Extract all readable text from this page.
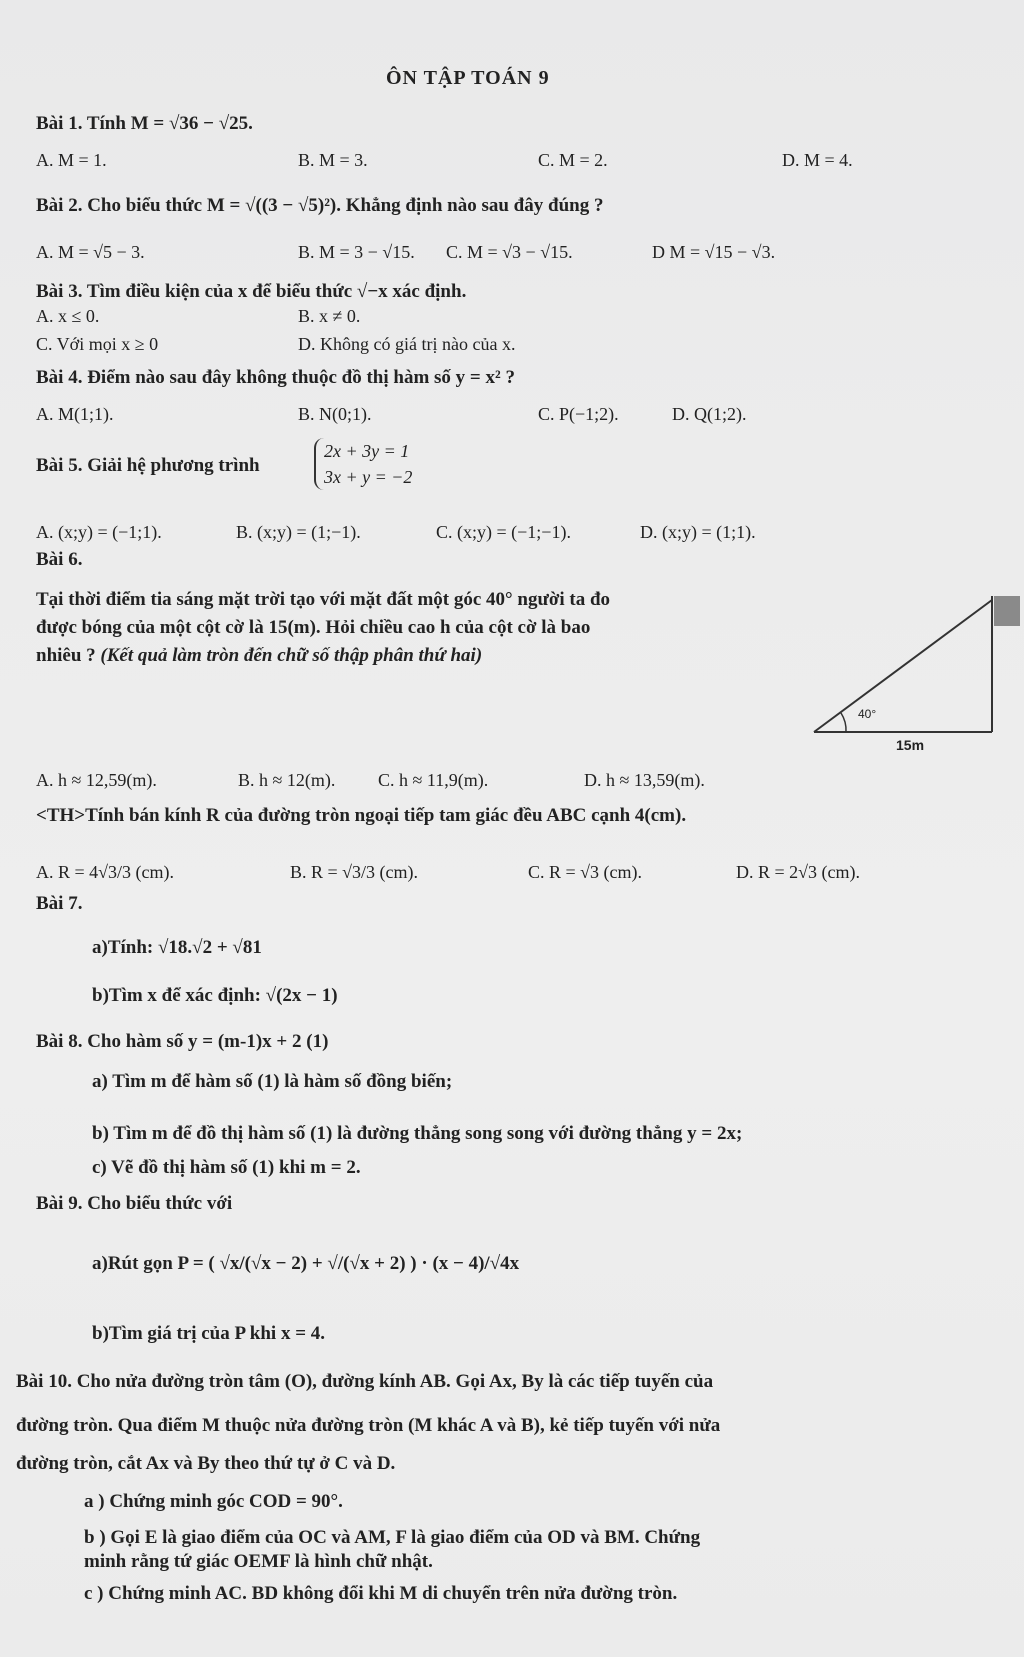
ÔN TẬP TOÁN 9
Bài 1. Tính M = √36 − √25.
A. M = 1.	B. M = 3.	C. M = 2.	D. M = 4.
Bài 2. Cho biểu thức M = √((3 − √5)²). Khẳng định nào sau đây đúng ?
A. M = √5 − 3.	B. M = 3 − √15. C. M = √3 − √15.	D M = √15 − √3.
Bài 3. Tìm điều kiện của x để biểu thức √−x xác định.
A. x ≤ 0.	B. x ≠ 0.
C. Với mọi x ≥ 0	D. Không có giá trị nào của x.
Bài 4. Điểm nào sau đây không thuộc đồ thị hàm số y = x² ?
A. M(1;1).	B. N(0;1).	C. P(−1;2).	D. Q(1;2).
Bài 5. Giải hệ phương trình
2x + 3y = 1
3x + y = −2
A. (x;y) = (−1;1).	B. (x;y) = (1;−1).	C. (x;y) = (−1;−1).	D. (x;y) = (1;1).
Bài 6.
Tại thời điểm tia sáng mặt trời tạo với mặt đất một góc 40° người ta đo
được bóng của một cột cờ là 15(m). Hỏi chiều cao h của cột cờ là bao
nhiêu ? (Kết quả làm tròn đến chữ số thập phân thứ hai)
40°
15m
A. h ≈ 12,59(m).	B. h ≈ 12(m). C. h ≈ 11,9(m).	D. h ≈ 13,59(m).
<TH>Tính bán kính R của đường tròn ngoại tiếp tam giác đều ABC cạnh 4(cm).
A. R = 4√3/3 (cm).	B. R = √3/3 (cm).	C. R = √3 (cm).	D. R = 2√3 (cm).
Bài 7.
a)Tính: √18.√2 + √81
b)Tìm x để xác định: √(2x − 1)
Bài 8. Cho hàm số y = (m-1)x + 2 (1)
a) Tìm m để hàm số (1) là hàm số đồng biến;
b) Tìm m để đồ thị hàm số (1) là đường thẳng song song với đường thẳng y = 2x;
c) Vẽ đồ thị hàm số (1) khi m = 2.
Bài 9. Cho biểu thức với
a)Rút gọn P = ( √x/(√x − 2) + √/(√x + 2) ) · (x − 4)/√4x
b)Tìm giá trị của P khi x = 4.
Bài 10. Cho nửa đường tròn tâm (O), đường kính AB. Gọi Ax, By là các tiếp tuyến của
đường tròn. Qua điểm M thuộc nửa đường tròn (M khác A và B), kẻ tiếp tuyến với nửa
đường tròn, cắt Ax và By theo thứ tự ở C và D.
a ) Chứng minh góc COD = 90°.
b ) Gọi E là giao điểm của OC và AM, F là giao điểm của OD và BM. Chứng
minh rằng tứ giác OEMF là hình chữ nhật.
c ) Chứng minh AC. BD không đổi khi M di chuyển trên nửa đường tròn.
